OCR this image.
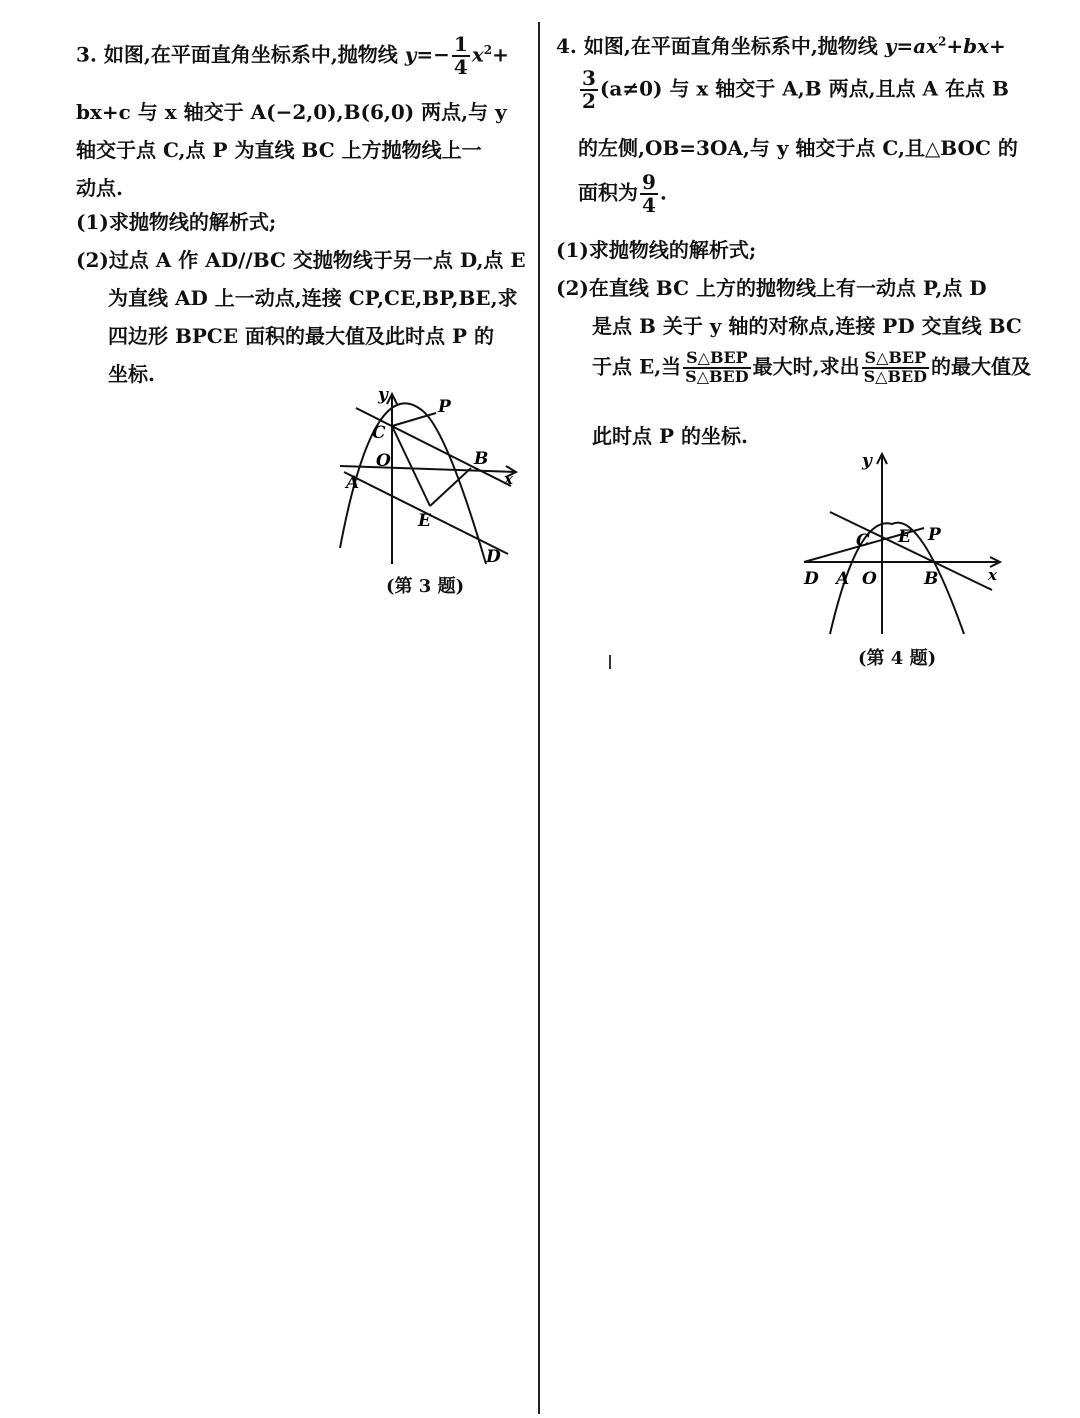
3. 如图,在平面直角坐标系中,抛物线 $y=- \frac{1}{4} x^2+$
bx+c 与 x 轴交于 A(−2,0),B(6,0) 两点,与 y
轴交于点 C,点 P 为直线 BC 上方抛物线上一
动点.
(1)求抛物线的解析式;
(2)过点 A 作 AD//BC 交抛物线于另一点 D,点 E
为直线 AD 上一动点,连接 CP,CE,BP,BE,求
四边形 BPCE 面积的最大值及此时点 P 的
坐标.
y
x
P
C
O	B
A
E
D
(第 3 题)
4. 如图,在平面直角坐标系中,抛物线 $y=ax^2+bx+$
$\frac{3}{2} (a\ne 0)$ 与 x 轴交于 A,B 两点,且点 A 在点 B
的左侧,OB=3OA,与 y 轴交于点 C,且△BOC 的
面积为 $\frac{9}{4}$ .
(1)求抛物线的解析式;
(2)在直线 BC 上方的抛物线上有一动点 P,点 D
是点 B 关于 y 轴的对称点,连接 PD 交直线 BC
于点 E,当 $\frac{\text{S△BEP}}{\text{S△BED}}$ 最大时,求出 $\frac{\text{S△BEP}}{\text{S△BED}}$ 的最大值及
此时点 P 的坐标.
y
x
C E P
D A O	B
(第 4 题)
